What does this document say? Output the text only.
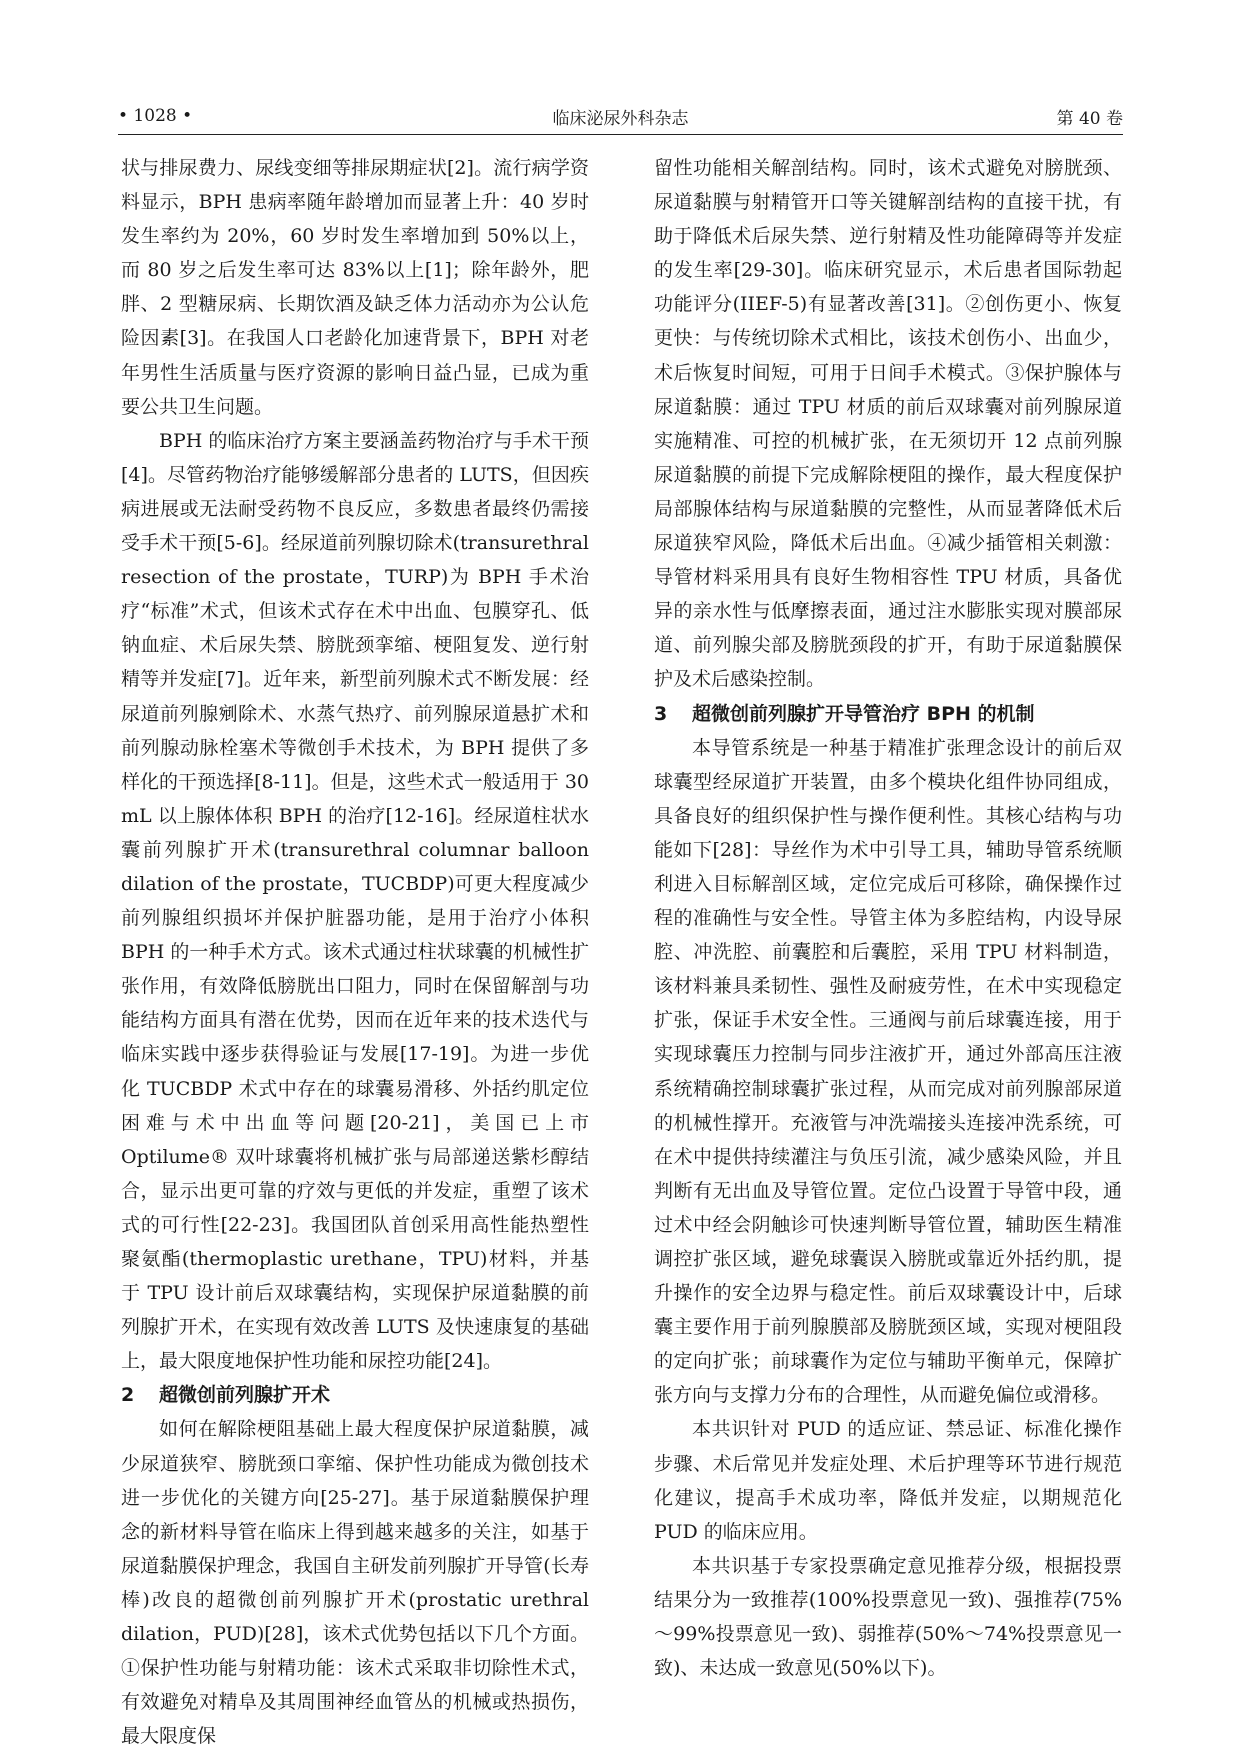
• 1028 •	临床泌尿外科杂志	第 40 卷

状与排尿费力、尿线变细等排尿期症状[2]。流行病学资料显示，BPH 患病率随年龄增加而显著上升：40 岁时发生率约为 20%，60 岁时发生率增加到 50%以上，而 80 岁之后发生率可达 83%以上[1]；除年龄外，肥胖、2 型糖尿病、长期饮酒及缺乏体力活动亦为公认危险因素[3]。在我国人口老龄化加速背景下，BPH 对老年男性生活质量与医疗资源的影响日益凸显，已成为重要公共卫生问题。

BPH 的临床治疗方案主要涵盖药物治疗与手术干预[4]。尽管药物治疗能够缓解部分患者的 LUTS，但因疾病进展或无法耐受药物不良反应，多数患者最终仍需接受手术干预[5-6]。经尿道前列腺切除术(transurethral resection of the prostate，TURP)为 BPH 手术治疗“标准”术式，但该术式存在术中出血、包膜穿孔、低钠血症、术后尿失禁、膀胱颈挛缩、梗阻复发、逆行射精等并发症[7]。近年来，新型前列腺术式不断发展：经尿道前列腺剜除术、水蒸气热疗、前列腺尿道悬扩术和前列腺动脉栓塞术等微创手术技术，为 BPH 提供了多样化的干预选择[8-11]。但是，这些术式一般适用于 30 mL 以上腺体体积 BPH 的治疗[12-16]。经尿道柱状水囊前列腺扩开术(transurethral columnar balloon dilation of the prostate，TUCBDP)可更大程度减少前列腺组织损坏并保护脏器功能，是用于治疗小体积 BPH 的一种手术方式。该术式通过柱状球囊的机械性扩张作用，有效降低膀胱出口阻力，同时在保留解剖与功能结构方面具有潜在优势，因而在近年来的技术迭代与临床实践中逐步获得验证与发展[17-19]。为进一步优化 TUCBDP 术式中存在的球囊易滑移、外括约肌定位困难与术中出血等问题[20-21]，美国已上市 Optilume® 双叶球囊将机械扩张与局部递送紫杉醇结合，显示出更可靠的疗效与更低的并发症，重塑了该术式的可行性[22-23]。我国团队首创采用高性能热塑性聚氨酯(thermoplastic urethane，TPU)材料，并基于 TPU 设计前后双球囊结构，实现保护尿道黏膜的前列腺扩开术，在实现有效改善 LUTS 及快速康复的基础上，最大限度地保护性功能和尿控功能[24]。

2 超微创前列腺扩开术

如何在解除梗阻基础上最大程度保护尿道黏膜，减少尿道狭窄、膀胱颈口挛缩、保护性功能成为微创技术进一步优化的关键方向[25-27]。基于尿道黏膜保护理念的新材料导管在临床上得到越来越多的关注，如基于尿道黏膜保护理念，我国自主研发前列腺扩开导管(长寿棒)改良的超微创前列腺扩开术(prostatic urethral dilation，PUD)[28]，该术式优势包括以下几个方面。①保护性功能与射精功能：该术式采取非切除性术式，有效避免对精阜及其周围神经血管丛的机械或热损伤，最大限度保

留性功能相关解剖结构。同时，该术式避免对膀胱颈、尿道黏膜与射精管开口等关键解剖结构的直接干扰，有助于降低术后尿失禁、逆行射精及性功能障碍等并发症的发生率[29-30]。临床研究显示，术后患者国际勃起功能评分(IIEF-5)有显著改善[31]。②创伤更小、恢复更快：与传统切除术式相比，该技术创伤小、出血少，术后恢复时间短，可用于日间手术模式。③保护腺体与尿道黏膜：通过 TPU 材质的前后双球囊对前列腺尿道实施精准、可控的机械扩张，在无须切开 12 点前列腺尿道黏膜的前提下完成解除梗阻的操作，最大程度保护局部腺体结构与尿道黏膜的完整性，从而显著降低术后尿道狭窄风险，降低术后出血。④减少插管相关刺激：导管材料采用具有良好生物相容性 TPU 材质，具备优异的亲水性与低摩擦表面，通过注水膨胀实现对膜部尿道、前列腺尖部及膀胱颈段的扩开，有助于尿道黏膜保护及术后感染控制。

3 超微创前列腺扩开导管治疗 BPH 的机制

本导管系统是一种基于精准扩张理念设计的前后双球囊型经尿道扩开装置，由多个模块化组件协同组成，具备良好的组织保护性与操作便利性。其核心结构与功能如下[28]：导丝作为术中引导工具，辅助导管系统顺利进入目标解剖区域，定位完成后可移除，确保操作过程的准确性与安全性。导管主体为多腔结构，内设导尿腔、冲洗腔、前囊腔和后囊腔，采用 TPU 材料制造，该材料兼具柔韧性、强性及耐疲劳性，在术中实现稳定扩张，保证手术安全性。三通阀与前后球囊连接，用于实现球囊压力控制与同步注液扩开，通过外部高压注液系统精确控制球囊扩张过程，从而完成对前列腺部尿道的机械性撑开。充液管与冲洗端接头连接冲洗系统，可在术中提供持续灌注与负压引流，减少感染风险，并且判断有无出血及导管位置。定位凸设置于导管中段，通过术中经会阴触诊可快速判断导管位置，辅助医生精准调控扩张区域，避免球囊误入膀胱或靠近外括约肌，提升操作的安全边界与稳定性。前后双球囊设计中，后球囊主要作用于前列腺膜部及膀胱颈区域，实现对梗阻段的定向扩张；前球囊作为定位与辅助平衡单元，保障扩张方向与支撑力分布的合理性，从而避免偏位或滑移。

本共识针对 PUD 的适应证、禁忌证、标准化操作步骤、术后常见并发症处理、术后护理等环节进行规范化建议，提高手术成功率，降低并发症，以期规范化 PUD 的临床应用。

本共识基于专家投票确定意见推荐分级，根据投票结果分为一致推荐(100%投票意见一致)、强推荐(75%～99%投票意见一致)、弱推荐(50%～74%投票意见一致)、未达成一致意见(50%以下)。
